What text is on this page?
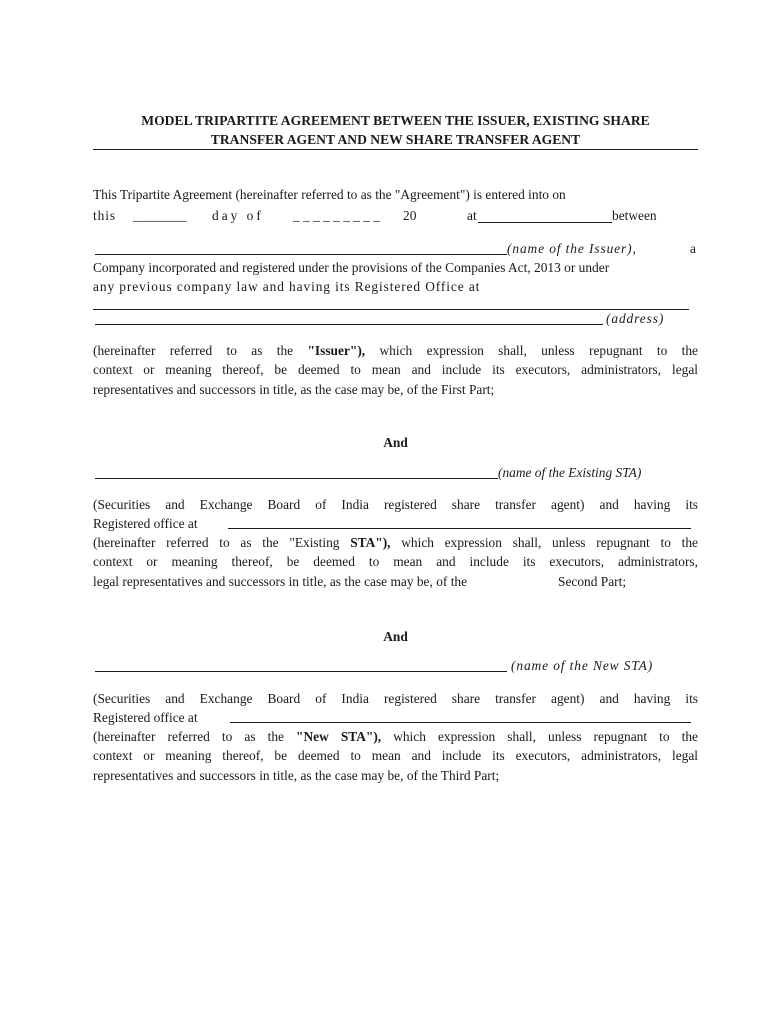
MODEL TRIPARTITE AGREEMENT BETWEEN THE ISSUER, EXISTING SHARE
TRANSFER AGENT AND NEW SHARE TRANSFER AGENT
This Tripartite Agreement (hereinafter referred to as the "Agreement") is entered into on
this ________ day of _ _ _ _ _ _ _ _ _ 20	at	between
(name of the Issuer),	a
Company incorporated and registered under the provisions of the Companies Act, 2013 or under
any previous company law and having its Registered Office at
(address)
(hereinafter referred to as the "Issuer"), which expression shall, unless repugnant to the
context or meaning thereof, be deemed to mean and include its executors, administrators, legal
representatives and successors in title, as the case may be, of the First Part;
And
(name of the Existing STA)
(Securities and Exchange Board of India registered share transfer agent) and having its
Registered office at
(hereinafter referred to as the "Existing STA"), which expression shall, unless repugnant to the
context or meaning thereof, be deemed to mean and include its executors, administrators,
legal representatives and successors in title, as the case may be, of the	Second Part;
And
(name of the New STA)
(Securities and Exchange Board of India registered share transfer agent) and having its
Registered office at
(hereinafter referred to as the "New STA"), which expression shall, unless repugnant to the
context or meaning thereof, be deemed to mean and include its executors, administrators, legal
representatives and successors in title, as the case may be, of the Third Part;
